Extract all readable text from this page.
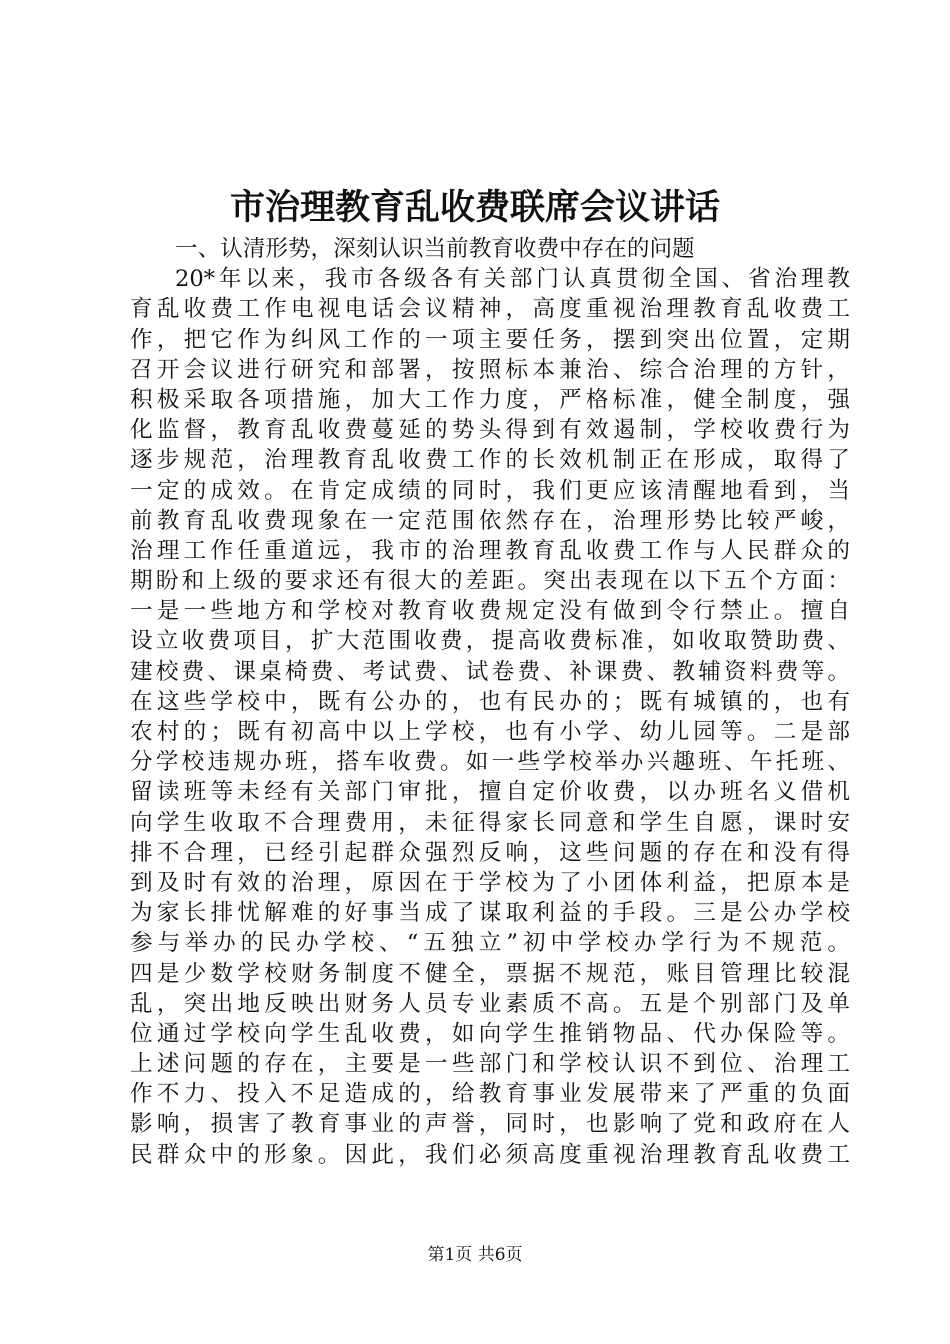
市治理教育乱收费联席会议讲话
一、认清形势，深刻认识当前教育收费中存在的问题
20*年以来，我市各级各有关部门认真贯彻全国、省治理教
育乱收费工作电视电话会议精神，高度重视治理教育乱收费工
作，把它作为纠风工作的一项主要任务，摆到突出位置，定期
召开会议进行研究和部署，按照标本兼治、综合治理的方针，
积极采取各项措施，加大工作力度，严格标准，健全制度，强
化监督，教育乱收费蔓延的势头得到有效遏制，学校收费行为
逐步规范，治理教育乱收费工作的长效机制正在形成，取得了
一定的成效。在肯定成绩的同时，我们更应该清醒地看到，当
前教育乱收费现象在一定范围依然存在，治理形势比较严峻，
治理工作任重道远，我市的治理教育乱收费工作与人民群众的
期盼和上级的要求还有很大的差距。突出表现在以下五个方面：
一是一些地方和学校对教育收费规定没有做到令行禁止。擅自
设立收费项目，扩大范围收费，提高收费标准，如收取赞助费、
建校费、课桌椅费、考试费、试卷费、补课费、教辅资料费等。
在这些学校中，既有公办的，也有民办的；既有城镇的，也有
农村的；既有初高中以上学校，也有小学、幼儿园等。二是部
分学校违规办班，搭车收费。如一些学校举办兴趣班、午托班、
留读班等未经有关部门审批，擅自定价收费，以办班名义借机
向学生收取不合理费用，未征得家长同意和学生自愿，课时安
排不合理，已经引起群众强烈反响，这些问题的存在和没有得
到及时有效的治理，原因在于学校为了小团体利益，把原本是
为家长排忧解难的好事当成了谋取利益的手段。三是公办学校
参与举办的民办学校、“五独立”初中学校办学行为不规范。
四是少数学校财务制度不健全，票据不规范，账目管理比较混
乱，突出地反映出财务人员专业素质不高。五是个别部门及单
位通过学校向学生乱收费，如向学生推销物品、代办保险等。
上述问题的存在，主要是一些部门和学校认识不到位、治理工
作不力、投入不足造成的，给教育事业发展带来了严重的负面
影响，损害了教育事业的声誉，同时，也影响了党和政府在人
民群众中的形象。因此，我们必须高度重视治理教育乱收费工
第1页 共6页
